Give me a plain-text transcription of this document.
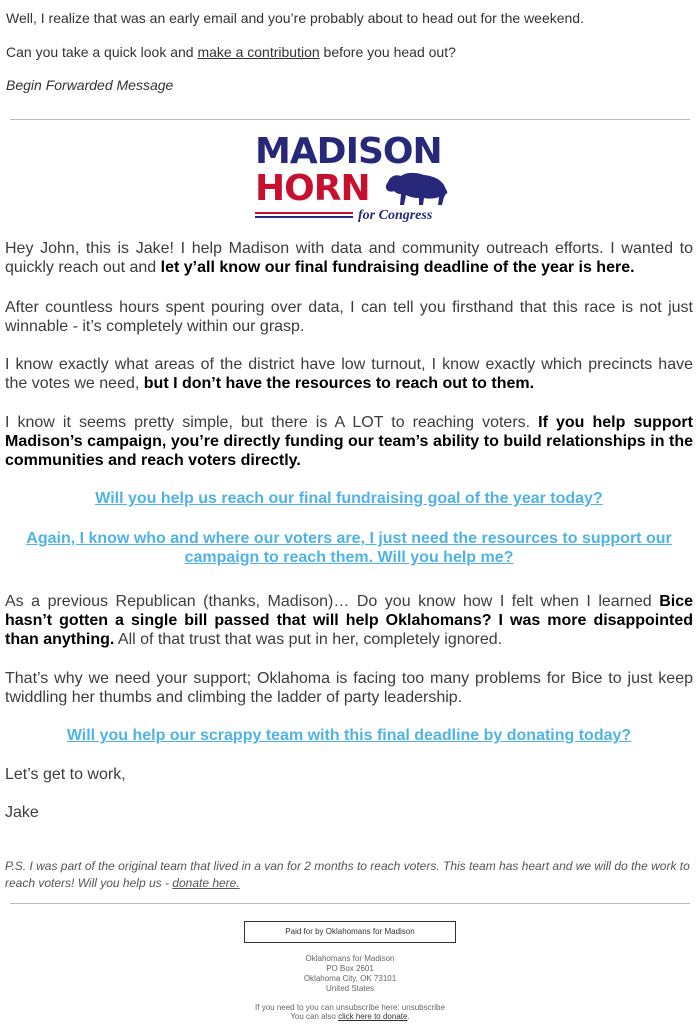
Well, I realize that was an early email and you’re probably about to head out for the weekend.
Can you take a quick look and make a contribution before you head out?
Begin Forwarded Message
MADISON
HORN
for Congress
Hey John, this is Jake! I help Madison with data and community outreach efforts. I wanted to quickly reach out and let y’all know our final fundraising deadline of the year is here.
After countless hours spent pouring over data, I can tell you firsthand that this race is not just winnable - it’s completely within our grasp.
I know exactly what areas of the district have low turnout, I know exactly which precincts have the votes we need, but I don’t have the resources to reach out to them.
I know it seems pretty simple, but there is A LOT to reaching voters. If you help support Madison’s campaign, you’re directly funding our team’s ability to build relationships in the communities and reach voters directly.
Will you help us reach our final fundraising goal of the year today?
Again, I know who and where our voters are, I just need the resources to support our campaign to reach them. Will you help me?
As a previous Republican (thanks, Madison)… Do you know how I felt when I learned Bice hasn’t gotten a single bill passed that will help Oklahomans? I was more disappointed than anything. All of that trust that was put in her, completely ignored.
That’s why we need your support; Oklahoma is facing too many problems for Bice to just keep twiddling her thumbs and climbing the ladder of party leadership.
Will you help our scrappy team with this final deadline by donating today?
Let’s get to work,
Jake
P.S. I was part of the original team that lived in a van for 2 months to reach voters. This team has heart and we will do the work to reach voters! Will you help us - donate here.
Paid for by Oklahomans for Madison
Oklahomans for Madison
PO Box 2601
Oklahoma City, OK 73101
United States
If you need to you can unsubscribe here: unsubscribe
You can also click here to donate.
